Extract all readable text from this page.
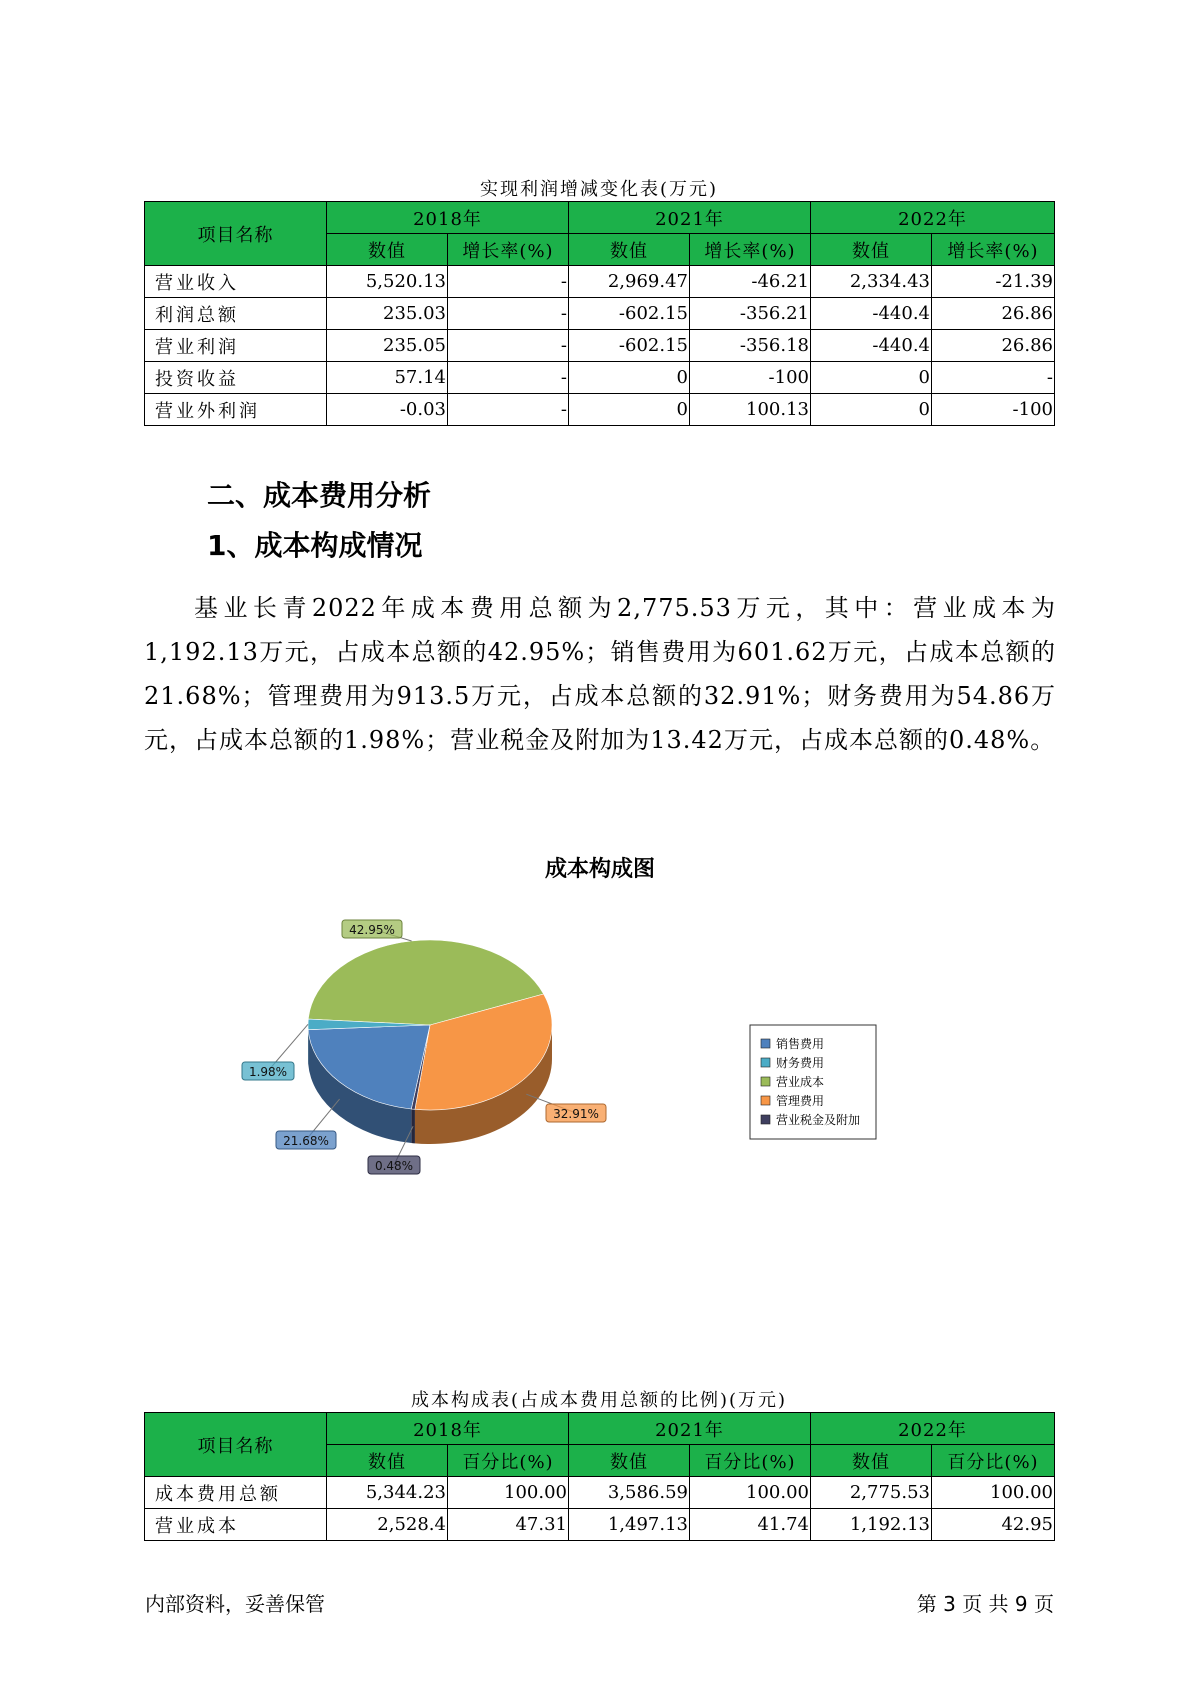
实现利润增减变化表(万元)
项目名称	2018年		2021年		2022年	
	数值	增长率(%)	数值	增长率(%)	数值	增长率(%)
营业收入	5,520.13	-	2,969.47	-46.21	2,334.43	-21.39
利润总额	235.03	-	-602.15	-356.21	-440.4	26.86
营业利润	235.05	-	-602.15	-356.18	-440.4	26.86
投资收益	57.14	-	0	-100	0	-
营业外利润	-0.03	-	0	100.13	0	-100
二、成本费用分析
1、成本构成情况

基业长青2022年成本费用总额为2,775.53万元，其中：营业成本为1,192.13万元，占成本总额的42.95%；销售费用为601.62万元，占成本总额的21.68%；管理费用为913.5万元，占成本总额的32.91%；财务费用为54.86万元，占成本总额的1.98%；营业税金及附加为13.42万元，占成本总额的0.48%。

成本构成图
42.95%
32.91%
0.48%
21.68%
1.98%
销售费用
财务费用
营业成本
管理费用
营业税金及附加
成本构成表(占成本费用总额的比例)(万元)
项目名称	2018年		2021年		2022年	
	数值	百分比(%)	数值	百分比(%)	数值	百分比(%)
成本费用总额	5,344.23	100.00	3,586.59	100.00	2,775.53	100.00
营业成本	2,528.4	47.31	1,497.13	41.74	1,192.13	42.95
内部资料，妥善保管	第 3 页 共 9 页
